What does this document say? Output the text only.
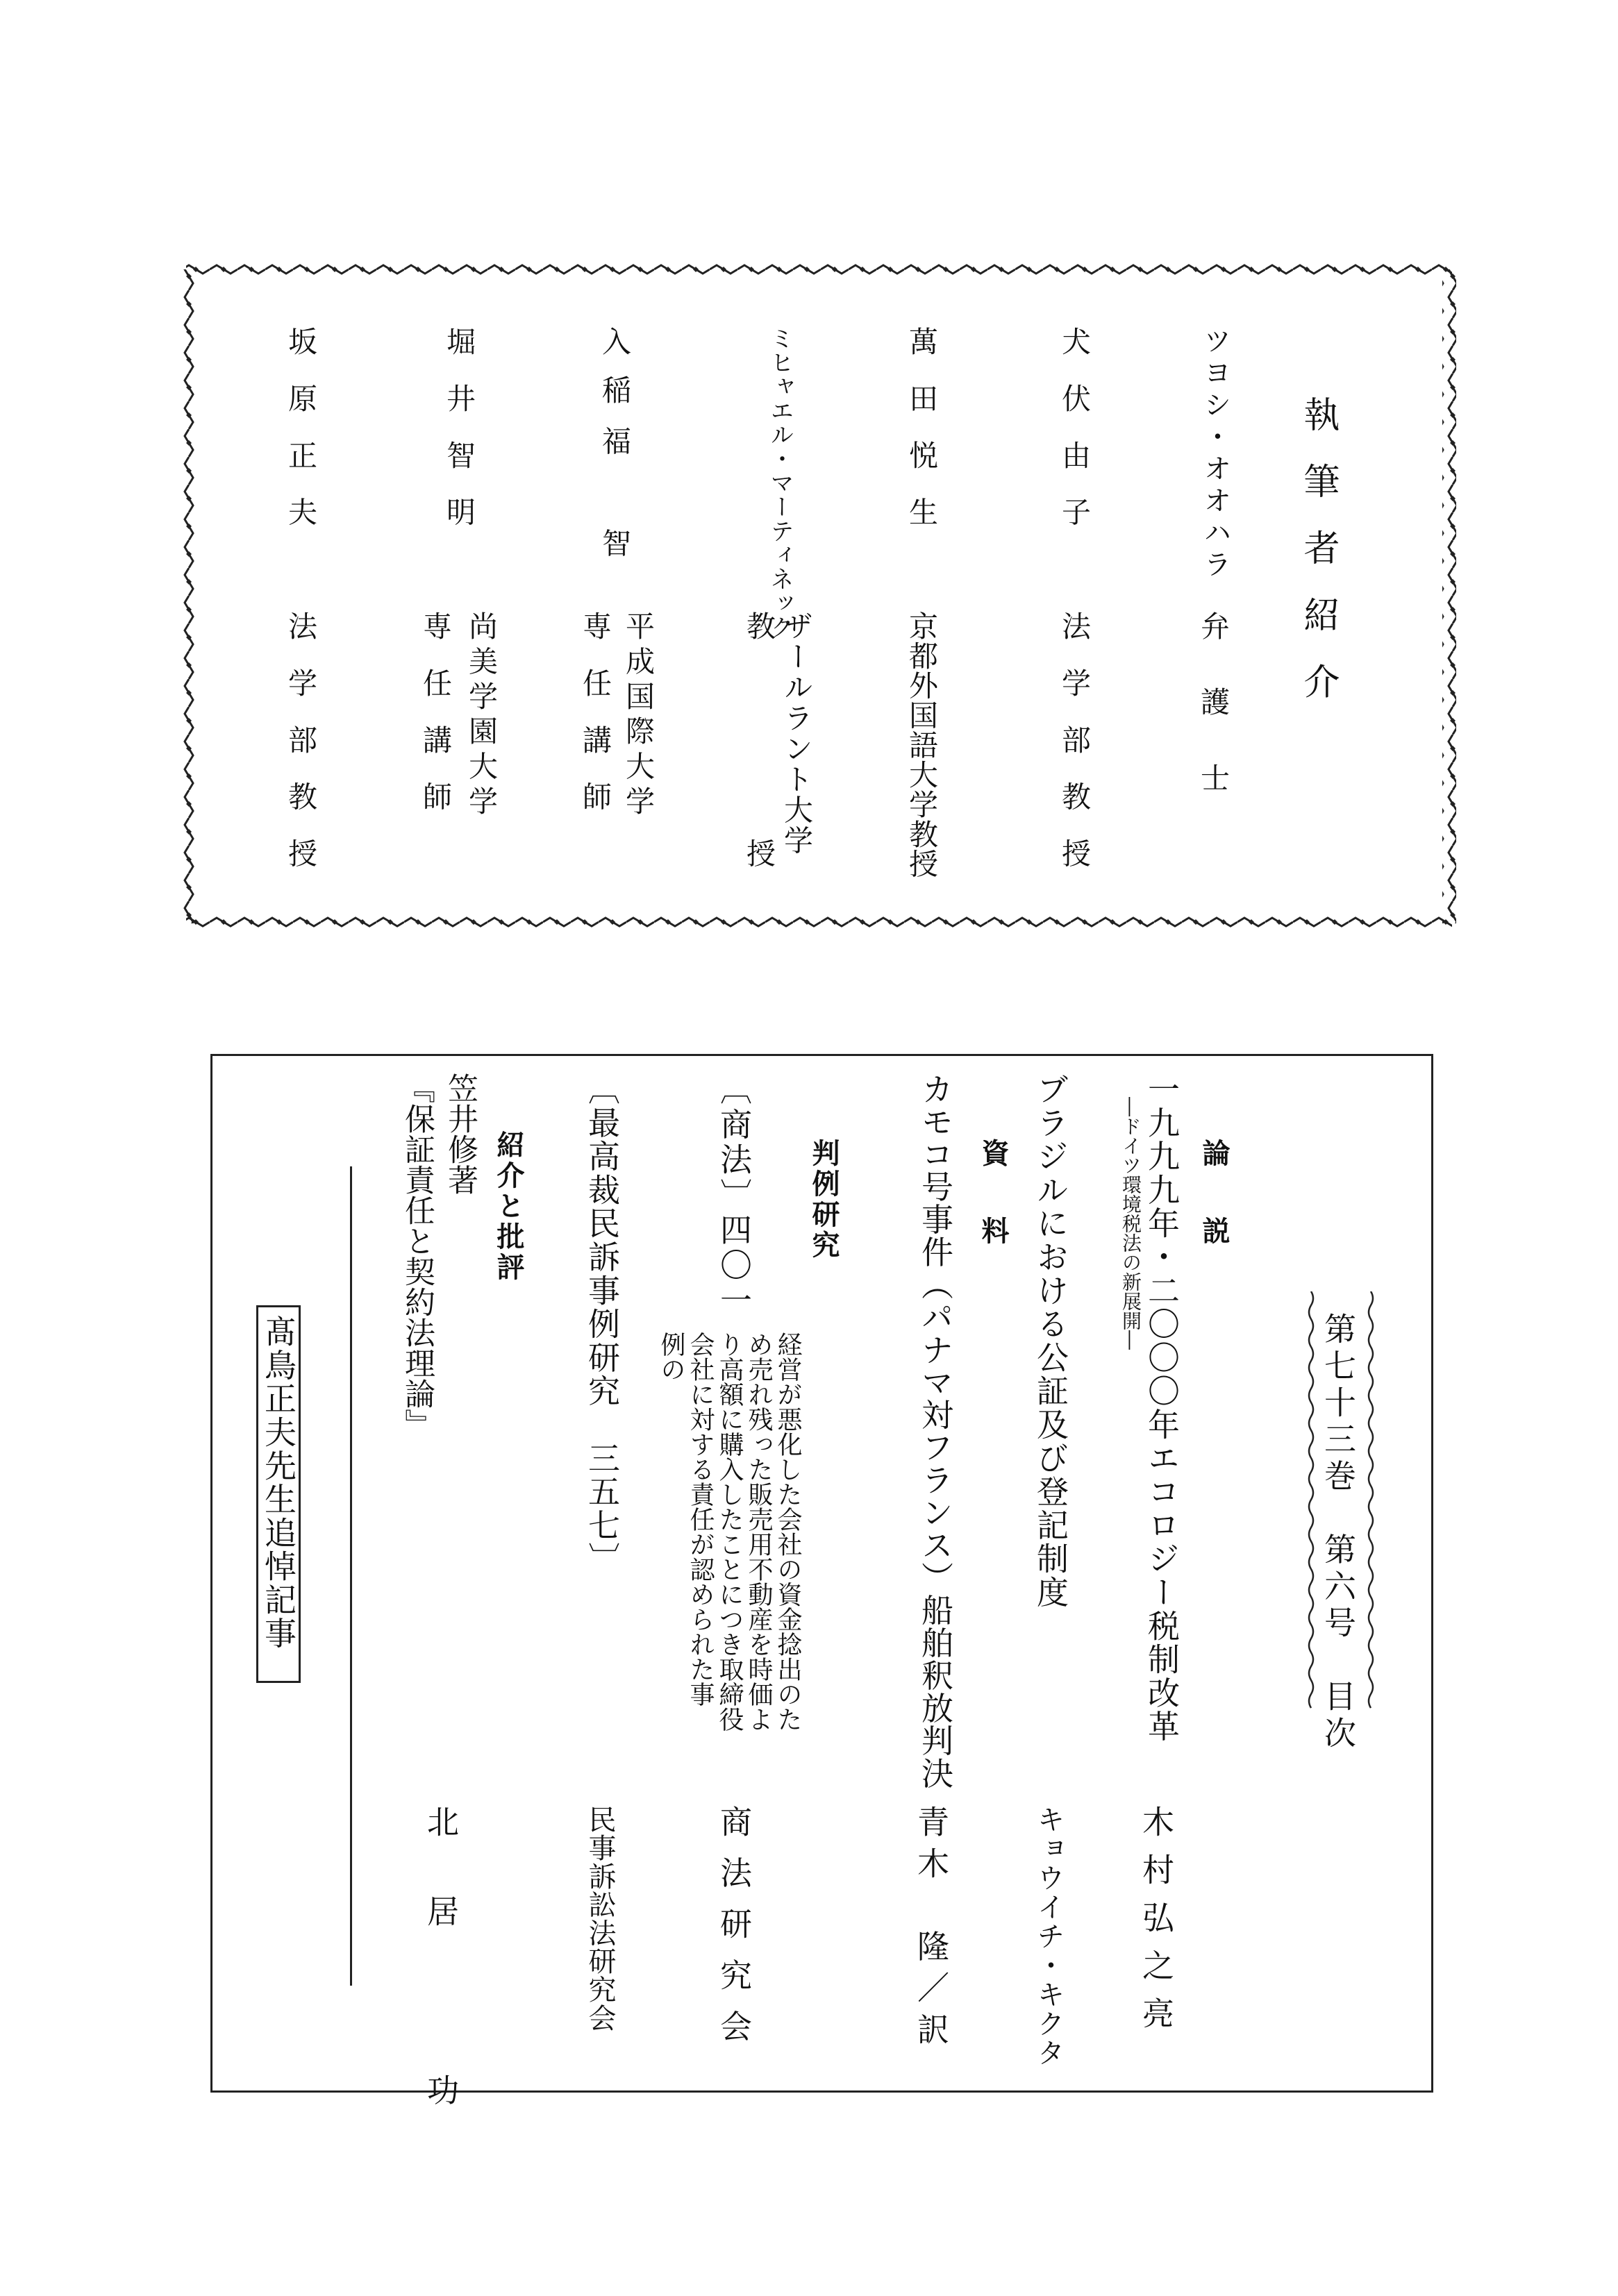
執筆者紹介
ツヨシ・オオハラ
弁　護　士
犬伏由子
法学部教授
萬田悦生
京都外国語大学教授
ミヒャエル・マーティネック
ザールラント大学
教授
入
稲福　智
平成国際大学
専任講師
堀井智明
尚美学園大学
専任講師
坂原正夫
法学部教授
第七十三巻　第六号　目次
論　説
一九九九年・二〇〇〇年エコロジー税制改革
―ドイツ環境税法の新展開―
木村弘之亮
ブラジルにおける公証及び登記制度
キョウイチ・キクタ
資　料
カモコ号事件（パナマ対フランス）船舶釈放判決
青木　隆／訳
判例研究
〔商法〕四〇一
経営が悪化した会社の資金捻出のた
め売れ残った販売用不動産を時価よ
り高額に購入したことにつき取締役
会社に対する責任が認められた事
例の
商法研究会
〔最高裁民訴事例研究　三五七〕
民事訴訟法研究会
紹介と批評
笠井修著
『保証責任と契約法理論』
北居　功
髙鳥正夫先生追悼記事
